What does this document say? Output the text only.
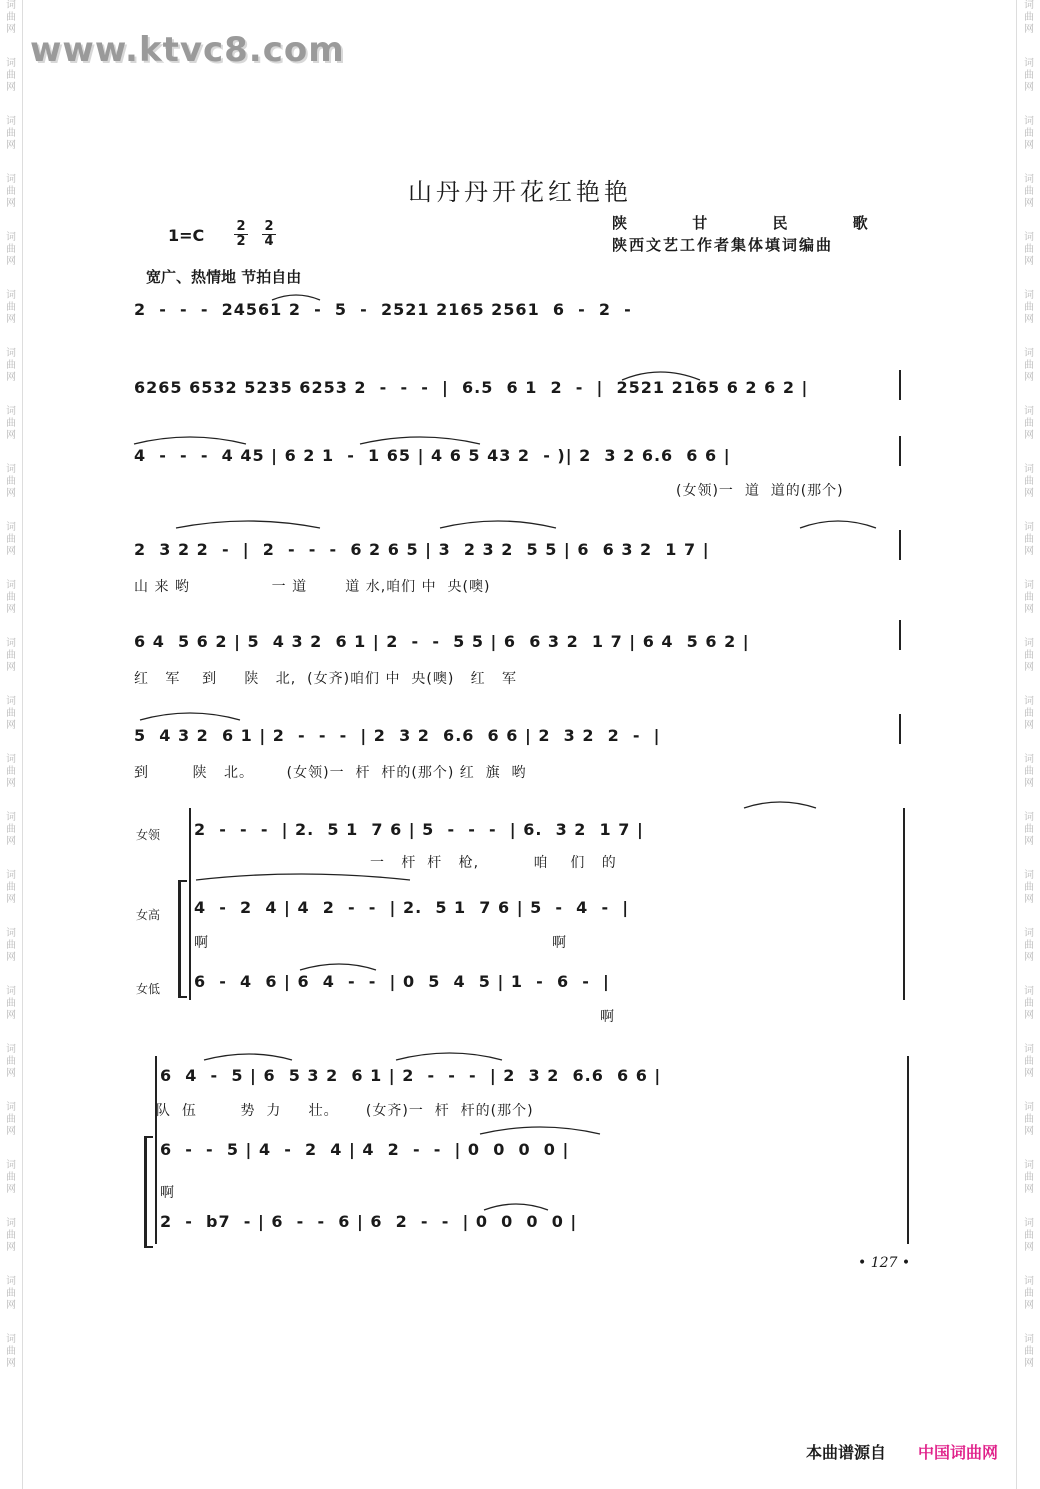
词
曲
网
词
曲
网
词
曲
网
词
曲
网
词
曲
网
词
曲
网
词
曲
网
词
曲
网
词
曲
网
词
曲
网
词
曲
网
词
曲
网
词
曲
网
词
曲
网
词
曲
网
词
曲
网
词
曲
网
词
曲
网
词
曲
网
词
曲
网
词
曲
网
词
曲
网
词
曲
网
词
曲
网
词
曲
网
词
曲
网
词
曲
网
词
曲
网
词
曲
网
词
曲
网
词
曲
网
词
曲
网
词
曲
网
词
曲
网
词
曲
网
词
曲
网
词
曲
网
词
曲
网
词
曲
网
词
曲
网
词
曲
网
词
曲
网
词
曲
网
词
曲
网
词
曲
网
词
曲
网
词
曲
网
词
曲
网
www.ktvc8.com
山丹丹开花红艳艳
1=C 2
2
2
4
陕 甘 民 歌
陕西文艺工作者集体填词编曲
宽广、热情地 节拍自由
2  -  -  -  24561 2  -  5  -  2521 2165 2561  6  -  2  -
6265 6532 5235 6253 2  -  -  -  |  6.5  6 1  2  -  |  2521 2165 6 2 6 2 |
4  -  -  -  4 45 | 6 2 1  -  1 65 | 4 6 5 43 2  - )| 2  3 2 6.6  6 6 |
(女领)一  道  道的(那个)
2  3 2 2  -  |  2  -  -  -  6 2 6 5 | 3  2 3 2  5 5 | 6  6 3 2  1 7 |
山 来 哟               一 道       道 水,咱们 中  央(噢)
6 4  5 6 2 | 5  4 3 2  6 1 | 2  -  -  5 5 | 6  6 3 2  1 7 | 6 4  5 6 2 |
红   军    到     陕   北,  (女齐)咱们 中  央(噢)   红   军
5  4 3 2  6 1 | 2  -  -  -  | 2  3 2  6.6  6 6 | 2  3 2  2  -  |
到        陕   北。      (女领)一  杆  杆的(那个) 红  旗  哟
女领
女高
女低
2  -  -  -  | 2.  5 1  7 6 | 5  -  -  -  | 6.  3 2  1 7 |
一   杆  杆   枪,          咱    们   的
4  -  2  4 | 4  2  -  -  | 2.  5 1  7 6 | 5  -  4  -  |
啊	啊
6  -  4  6 | 6  4  -  -  | 0  5  4  5 | 1  -  6  -  |
啊
6  4  -  5 | 6  5 3 2  6 1 | 2  -  -  -  | 2  3 2  6.6  6 6 |
队  伍        势  力     壮。     (女齐)一  杆  杆的(那个)
6  -  -  5 | 4  -  2  4 | 4  2  -  -  | 0  0  0  0 |
啊
2  -  b7  - | 6  -  -  6 | 6  2  -  -  | 0  0  0  0 |
• 127 •
本曲谱源自 中国词曲网
